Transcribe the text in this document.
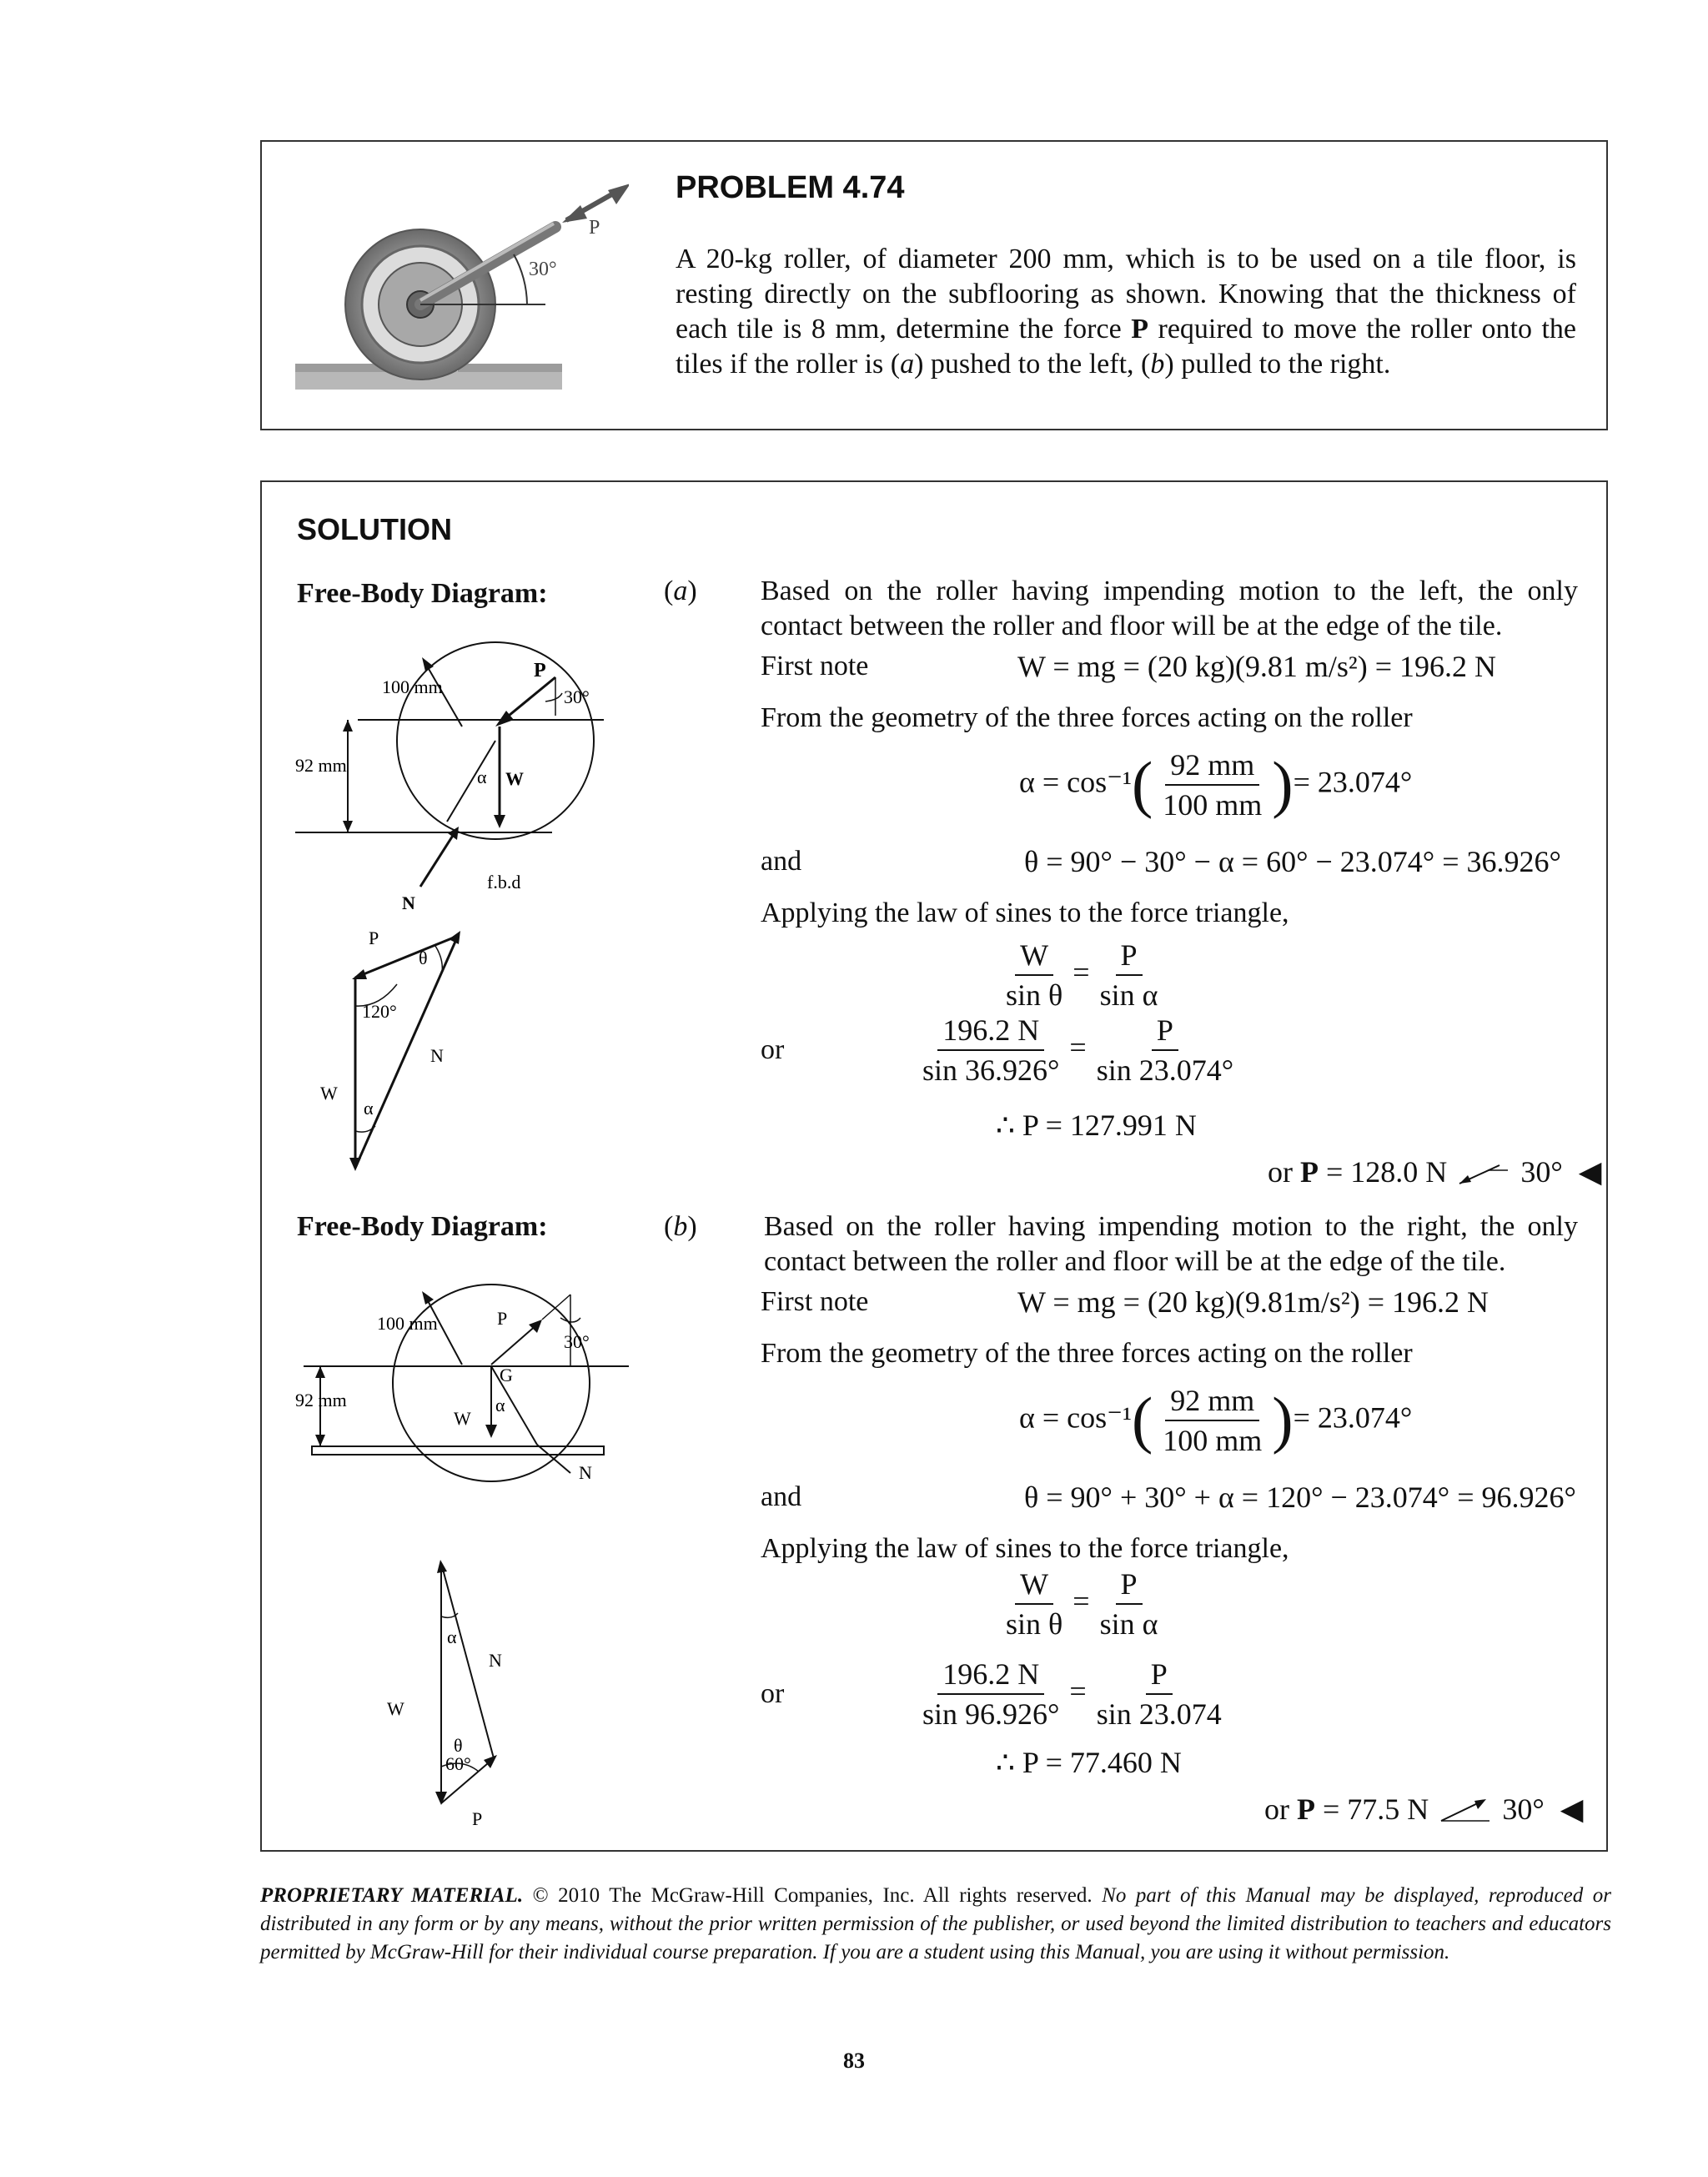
30°
P
PROBLEM 4.74
A 20-kg roller, of diameter 200 mm, which is to be used on a tile floor, is resting directly on the subflooring as shown. Knowing that the thickness of each tile is 8 mm, determine the force P required to move the roller onto the tiles if the roller is (a) pushed to the left, (b) pulled to the right.
SOLUTION
Free-Body Diagram:
100 mm
92 mm
P
30°
W
α
N
f.b.d
P
θ
120°
N
W
α
(a) Based on the roller having impending motion to the left, the only contact between the roller and floor will be at the edge of the tile.
First note	W = mg = (20 kg)(9.81 m/s²) = 196.2 N
From the geometry of the three forces acting on the roller
$\alpha = \cos^{-1}( \frac{92 mm}{100 mm}$ )= 23.074°
and	θ = 90° − 30° − α = 60° − 23.074° = 36.926°
Applying the law of sines to the force triangle,
$\frac{W}{\text{sin θ}} = \frac{P}{\text{sin α}}$
or	$\frac{196.2 N}{\sin 36.926^\circ} = \frac{P}{\sin 23.074^\circ}$
∴ P = 127.991 N
or P = 128.0 N 30° ◀
Free-Body Diagram:
92 mm
100 mm	P
30°
G
W
α
N
α
N
W
θ
60°
P
(b) Based on the roller having impending motion to the right, the only contact between the roller and floor will be at the edge of the tile.
First note	W = mg = (20 kg)(9.81m/s²) = 196.2 N
From the geometry of the three forces acting on the roller
$\alpha = \cos^{-1}( \frac{92 mm}{100 mm}$ )= 23.074°
and	θ = 90° + 30° + α = 120° − 23.074° = 96.926°
Applying the law of sines to the force triangle,
$\frac{W}{\text{sin θ}} = \frac{P}{\text{sin α}}$
or	$\frac{196.2 N}{\sin 96.926^\circ} = \frac{P}{\sin 23.074}$
∴ P = 77.460 N
or P = 77.5 N 30° ◀
PROPRIETARY MATERIAL. © 2010 The McGraw-Hill Companies, Inc. All rights reserved. No part of this Manual may be displayed, reproduced or distributed in any form or by any means, without the prior written permission of the publisher, or used beyond the limited distribution to teachers and educators permitted by McGraw-Hill for their individual course preparation. If you are a student using this Manual, you are using it without permission.
83
